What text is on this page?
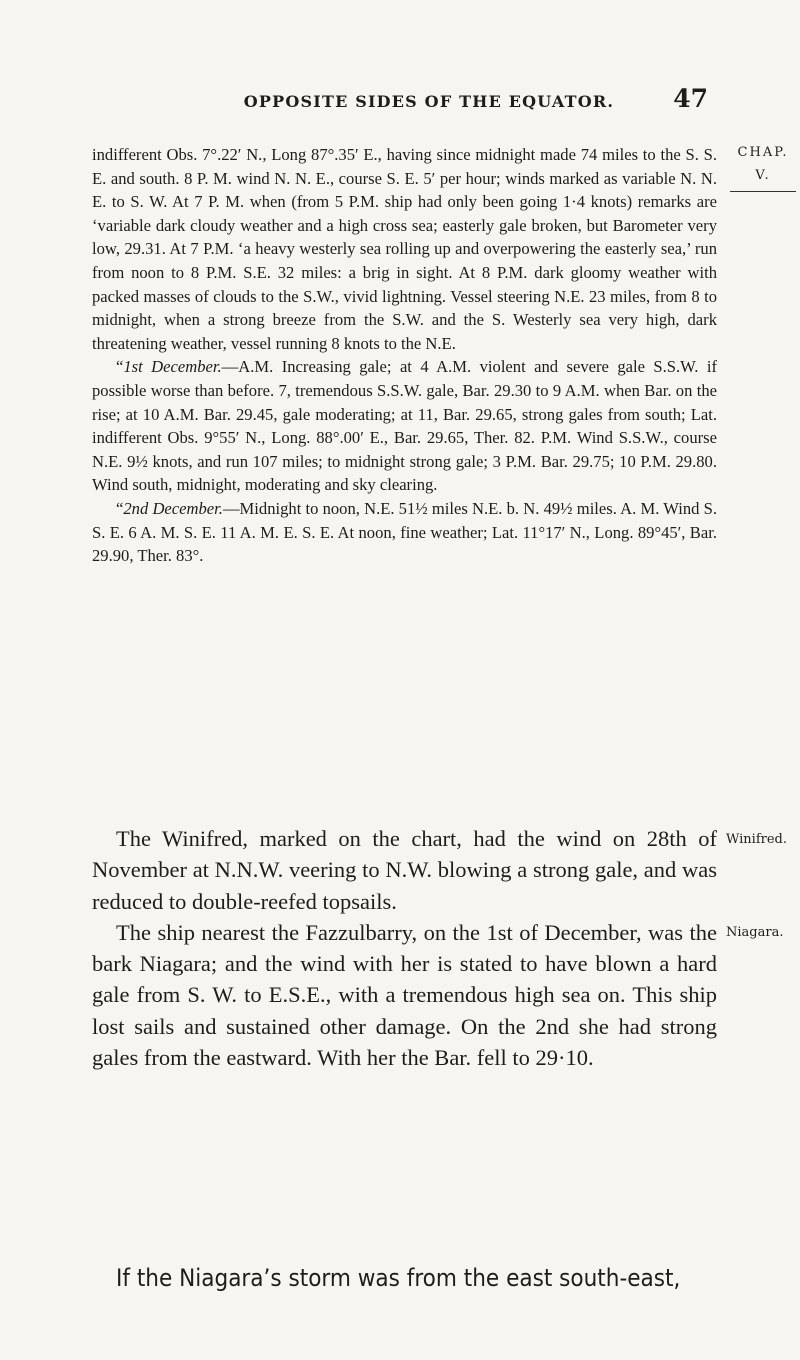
OPPOSITE SIDES OF THE EQUATOR.	47
CHAP.
V.

indifferent Obs. 7°.22′ N., Long 87°.35′ E., having since midnight made 74 miles to the S. S. E. and south. 8 P. M. wind N. N. E., course S. E. 5′ per hour; winds marked as variable N. N. E. to S. W. At 7 P. M. when (from 5 P.M. ship had only been going 1·4 knots) remarks are ‘variable dark cloudy weather and a high cross sea; easterly gale broken, but Barometer very low, 29.31. At 7 P.M. ‘a heavy westerly sea rolling up and overpowering the easterly sea,’ run from noon to 8 P.M. S.E. 32 miles: a brig in sight. At 8 P.M. dark gloomy weather with packed masses of clouds to the S.W., vivid lightning. Vessel steering N.E. 23 miles, from 8 to midnight, when a strong breeze from the S.W. and the S. Westerly sea very high, dark threatening weather, vessel running 8 knots to the N.E.

“1st December.—A.M. Increasing gale; at 4 A.M. violent and severe gale S.S.W. if possible worse than before. 7, tremendous S.S.W. gale, Bar. 29.30 to 9 A.M. when Bar. on the rise; at 10 A.M. Bar. 29.45, gale moderating; at 11, Bar. 29.65, strong gales from south; Lat. indifferent Obs. 9°55′ N., Long. 88°.00′ E., Bar. 29.65, Ther. 82. P.M. Wind S.S.W., course N.E. 9½ knots, and run 107 miles; to midnight strong gale; 3 P.M. Bar. 29.75; 10 P.M. 29.80. Wind south, midnight, moderating and sky clearing.

“2nd December.—Midnight to noon, N.E. 51½ miles N.E. b. N. 49½ miles. A. M. Wind S. S. E. 6 A. M. S. E. 11 A. M. E. S. E. At noon, fine weather; Lat. 11°17′ N., Long. 89°45′, Bar. 29.90, Ther. 83°.

The Winifred, marked on the chart, had the wind on 28th of November at N.N.W. veering to N.W. blowing a strong gale, and was reduced to double-reefed topsails.

The ship nearest the Fazzulbarry, on the 1st of December, was the bark Niagara; and the wind with her is stated to have blown a hard gale from S. W. to E.S.E., with a tremendous high sea on. This ship lost sails and sustained other damage. On the 2nd she had strong gales from the eastward. With her the Bar. fell to 29·10.

Winifred.
Niagara.
If the Niagara’s storm was from the east south-east,
